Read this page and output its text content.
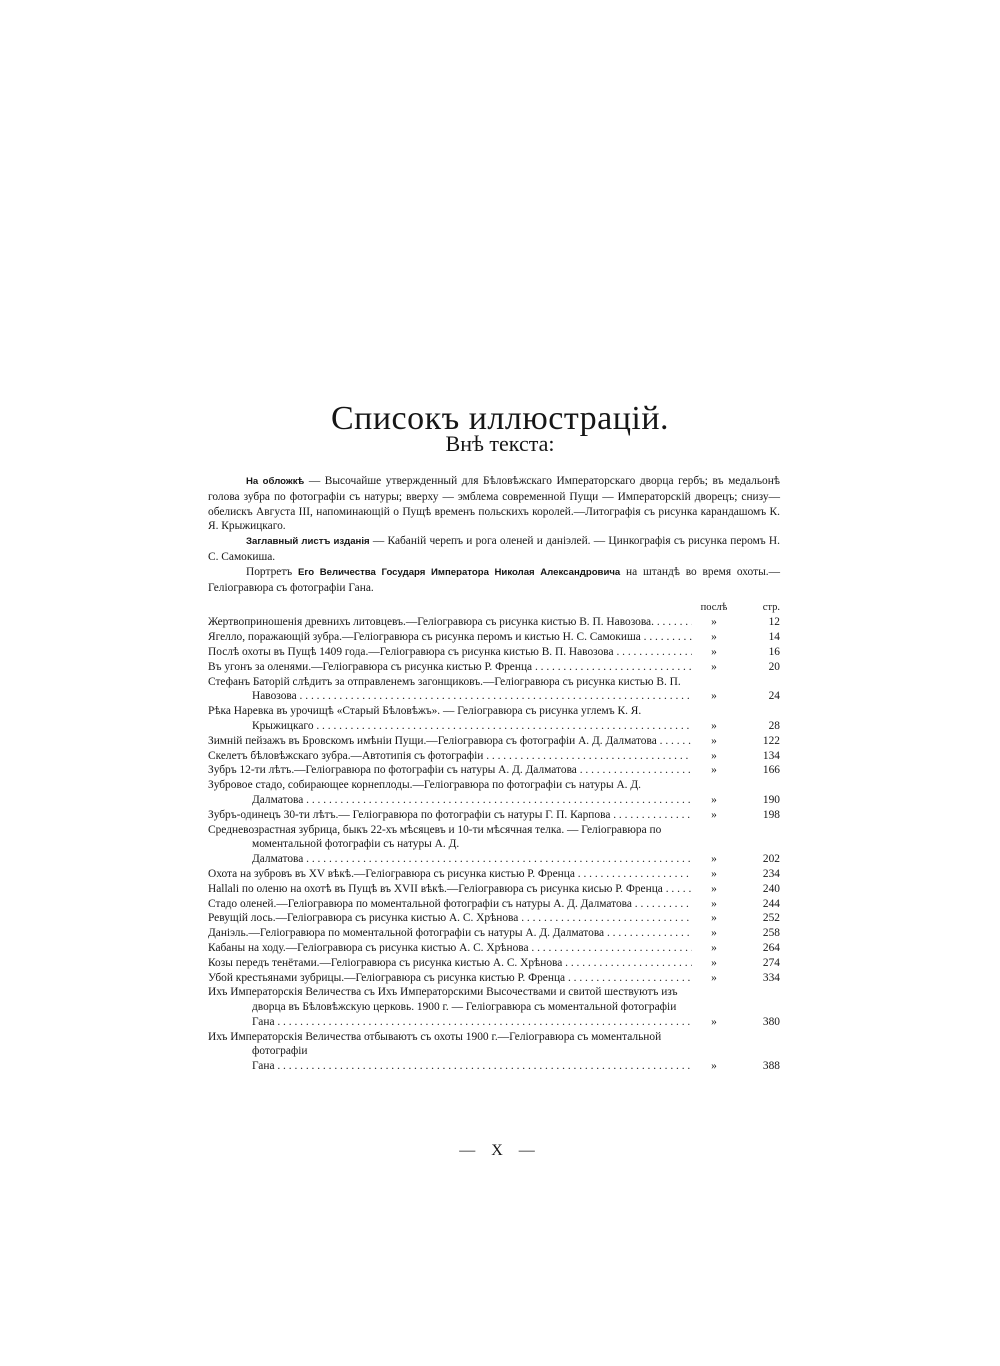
Списокъ иллюстрацій.
Внѣ текста:

На обложкѣ — Высочайше утвержденный для Бѣловѣжскаго Императорскаго дворца гербъ; въ медальонѣ голова зубра по фотографіи съ натуры; вверху — эмблема современной Пущи — Императорскій дворецъ; снизу—обелискъ Августа III, напоминающій о Пущѣ временъ польскихъ королей.—Литографія съ рисунка карандашомъ К. Я. Крыжицкаго.

Заглавный листъ изданія — Кабаній черепъ и рога оленей и даніэлей. — Цинкографія съ рисунка перомъ Н. С. Самокиша.

Портретъ Его Величества Государя Императора Николая Александровича на штандѣ во время охоты.—Геліогравюра съ фотографіи Гана.

послѣ	стр.
Жертвоприношенія древнихъ литовцевъ.—Геліогравюра съ рисунка кистью В. П. Навозова. . . .	»	12
Ягелло, поражающій зубра.—Геліогравюра съ рисунка перомъ и кистью Н. С. Самокиша . . .	»	14
Послѣ охоты въ Пущѣ 1409 года.—Геліогравюра съ рисунка кистью В. П. Навозова . . .	»	16
Въ угонъ за оленями.—Геліогравюра съ рисунка кистью Р. Френца . . .	»	20
Стефанъ Баторій слѣдитъ за отправленемъ загонщиковъ.—Геліогравюра съ рисунка кистью В. П. Навозова . . .	»	24
Рѣка Наревка въ урочищѣ «Старый Бѣловѣжъ». — Геліогравюра съ рисунка углемъ К. Я. Крыжицкаго . . .	»	28
Зимній пейзажъ въ Бровскомъ имѣніи Пущи.—Геліогравюра съ фотографіи А. Д. Далматова . . .	»	122
Скелетъ бѣловѣжскаго зубра.—Автотипія съ фотографіи . . .	»	134
Зубръ 12-ти лѣтъ.—Геліогравюра по фотографіи съ натуры А. Д. Далматова . . .	»	166
Зубровое стадо, собирающее корнеплоды.—Геліогравюра по фотографіи съ натуры А. Д. Далматова . . .	»	190
Зубръ-одинецъ 30-ти лѣтъ.— Геліогравюра по фотографіи съ натуры Г. П. Карпова . . .	»	198
Средневозрастная зубрица, быкъ 22-хъ мѣсяцевъ и 10-ти мѣсячная телка. — Геліогравюра по моментальной фотографіи съ натуры А. Д. Далматова . . .	»	202
Охота на зубровъ въ XV вѣкѣ.—Геліогравюра съ рисунка кистью Р. Френца . . .	»	234
Hallali по оленю на охотѣ въ Пущѣ въ XVII вѣкѣ.—Геліогравюра съ рисунка кисью Р. Френца . . .	»	240
Стадо оленей.—Геліогравюра по моментальной фотографіи съ натуры А. Д. Далматова . . .	»	244
Ревущій лось.—Геліогравюра съ рисунка кистью А. С. Хрѣнова . . .	»	252
Даніэль.—Геліогравюра по моментальной фотографіи съ натуры А. Д. Далматова . . .	»	258
Кабаны на ходу.—Геліогравюра съ рисунка кистью А. С. Хрѣнова . . .	»	264
Козы передъ тенётами.—Геліогравюра съ рисунка кистью А. С. Хрѣнова . . .	»	274
Убой крестьянами зубрицы.—Геліогравюра съ рисунка кистью Р. Френца . . .	»	334
Ихъ Императорскія Величества съ Ихъ Императорскими Высочествами и свитой шествуютъ изъ дворца въ Бѣловѣжскую церковь. 1900 г. — Геліогравюра съ моментальной фотографіи Гана . . .	»	380
Ихъ Императорскія Величества отбываютъ съ охоты 1900 г.—Геліогравюра съ моментальной фотографіи Гана . . .	»	388
— X —
